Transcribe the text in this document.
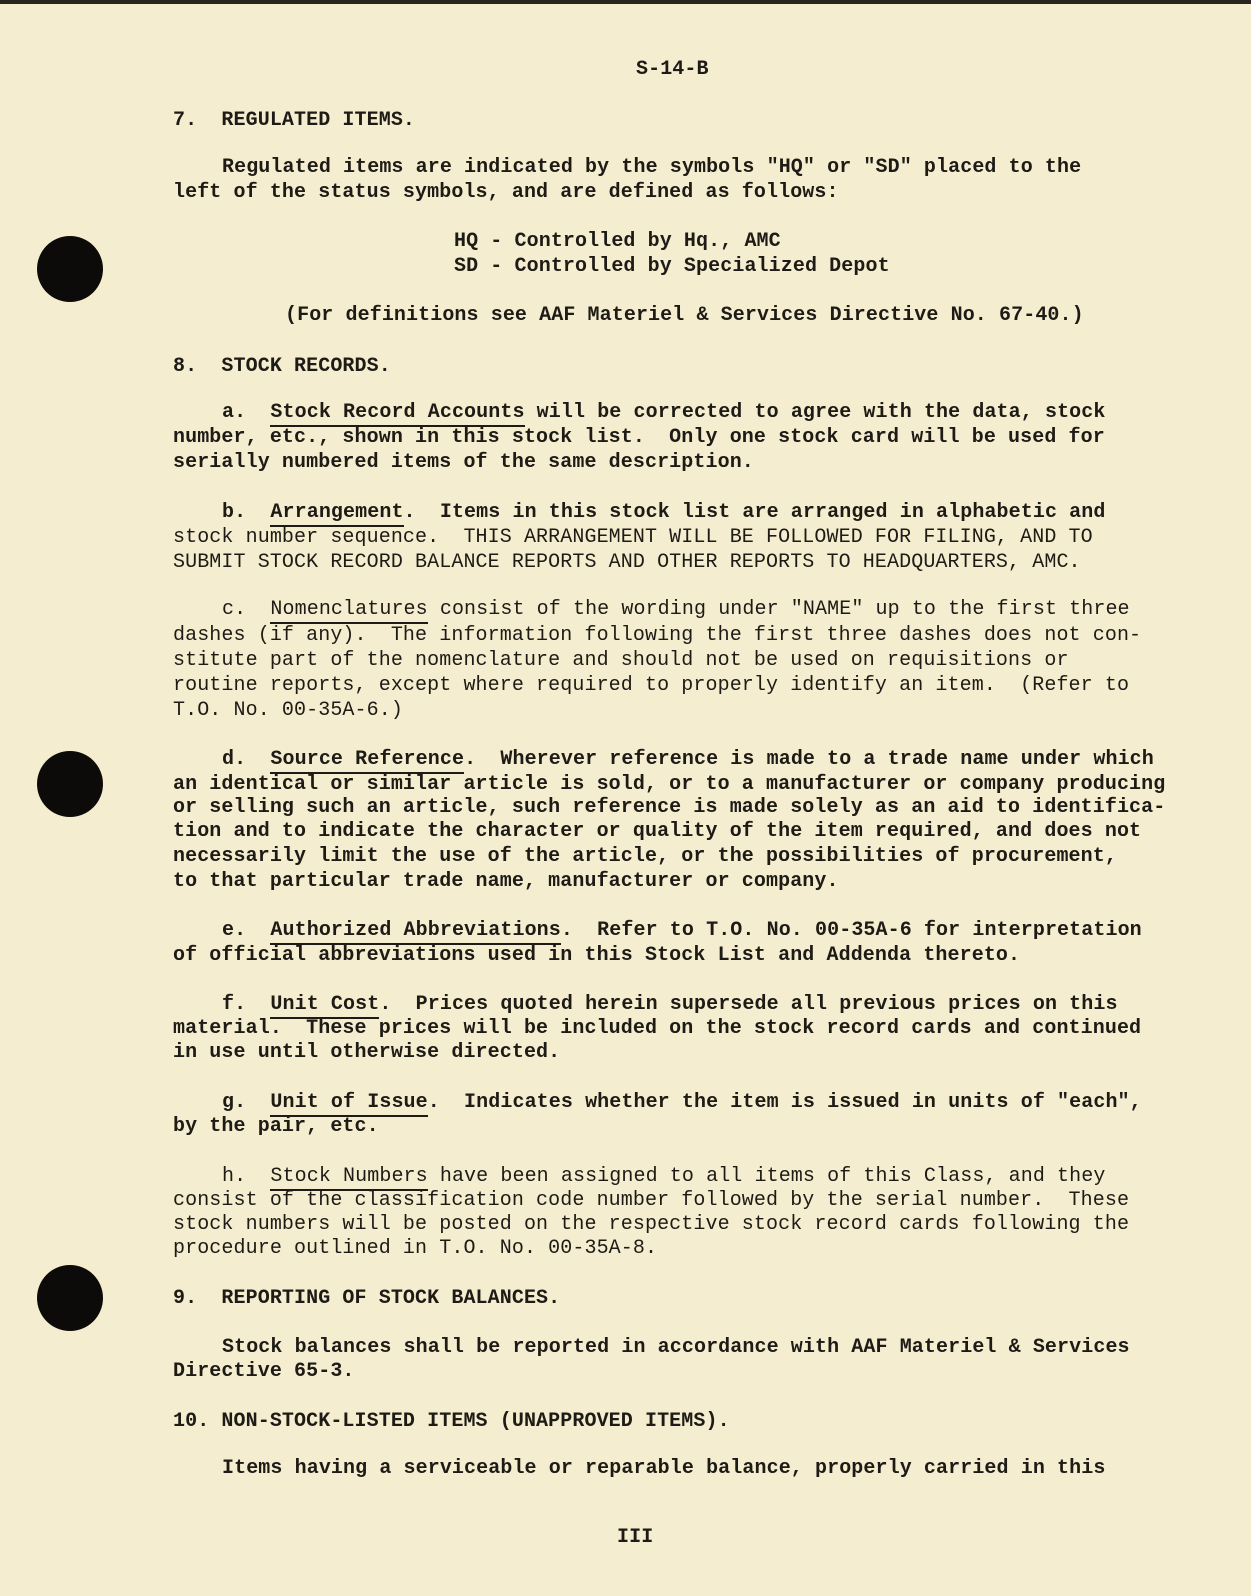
S-14-B
7.  REGULATED ITEMS.
Regulated items are indicated by the symbols "HQ" or "SD" placed to the
left of the status symbols, and are defined as follows:
HQ - Controlled by Hq., AMC
SD - Controlled by Specialized Depot
(For definitions see AAF Materiel & Services Directive No. 67-40.)
8.  STOCK RECORDS.
a.  Stock Record Accounts will be corrected to agree with the data, stock
number, etc., shown in this stock list.  Only one stock card will be used for
serially numbered items of the same description.
b.  Arrangement.  Items in this stock list are arranged in alphabetic and
stock number sequence.  THIS ARRANGEMENT WILL BE FOLLOWED FOR FILING, AND TO
SUBMIT STOCK RECORD BALANCE REPORTS AND OTHER REPORTS TO HEADQUARTERS, AMC.
c.  Nomenclatures consist of the wording under "NAME" up to the first three
dashes (if any).  The information following the first three dashes does not con-
stitute part of the nomenclature and should not be used on requisitions or
routine reports, except where required to properly identify an item.  (Refer to
T.O. No. 00-35A-6.)
d.  Source Reference.  Wherever reference is made to a trade name under which
an identical or similar article is sold, or to a manufacturer or company producing
or selling such an article, such reference is made solely as an aid to identifica-
tion and to indicate the character or quality of the item required, and does not
necessarily limit the use of the article, or the possibilities of procurement,
to that particular trade name, manufacturer or company.
e.  Authorized Abbreviations.  Refer to T.O. No. 00-35A-6 for interpretation
of official abbreviations used in this Stock List and Addenda thereto.
f.  Unit Cost.  Prices quoted herein supersede all previous prices on this
material.  These prices will be included on the stock record cards and continued
in use until otherwise directed.
g.  Unit of Issue.  Indicates whether the item is issued in units of "each",
by the pair, etc.
h.  Stock Numbers have been assigned to all items of this Class, and they
consist of the classification code number followed by the serial number.  These
stock numbers will be posted on the respective stock record cards following the
procedure outlined in T.O. No. 00-35A-8.
9.  REPORTING OF STOCK BALANCES.
Stock balances shall be reported in accordance with AAF Materiel & Services
Directive 65-3.
10. NON-STOCK-LISTED ITEMS (UNAPPROVED ITEMS).
Items having a serviceable or reparable balance, properly carried in this
III
